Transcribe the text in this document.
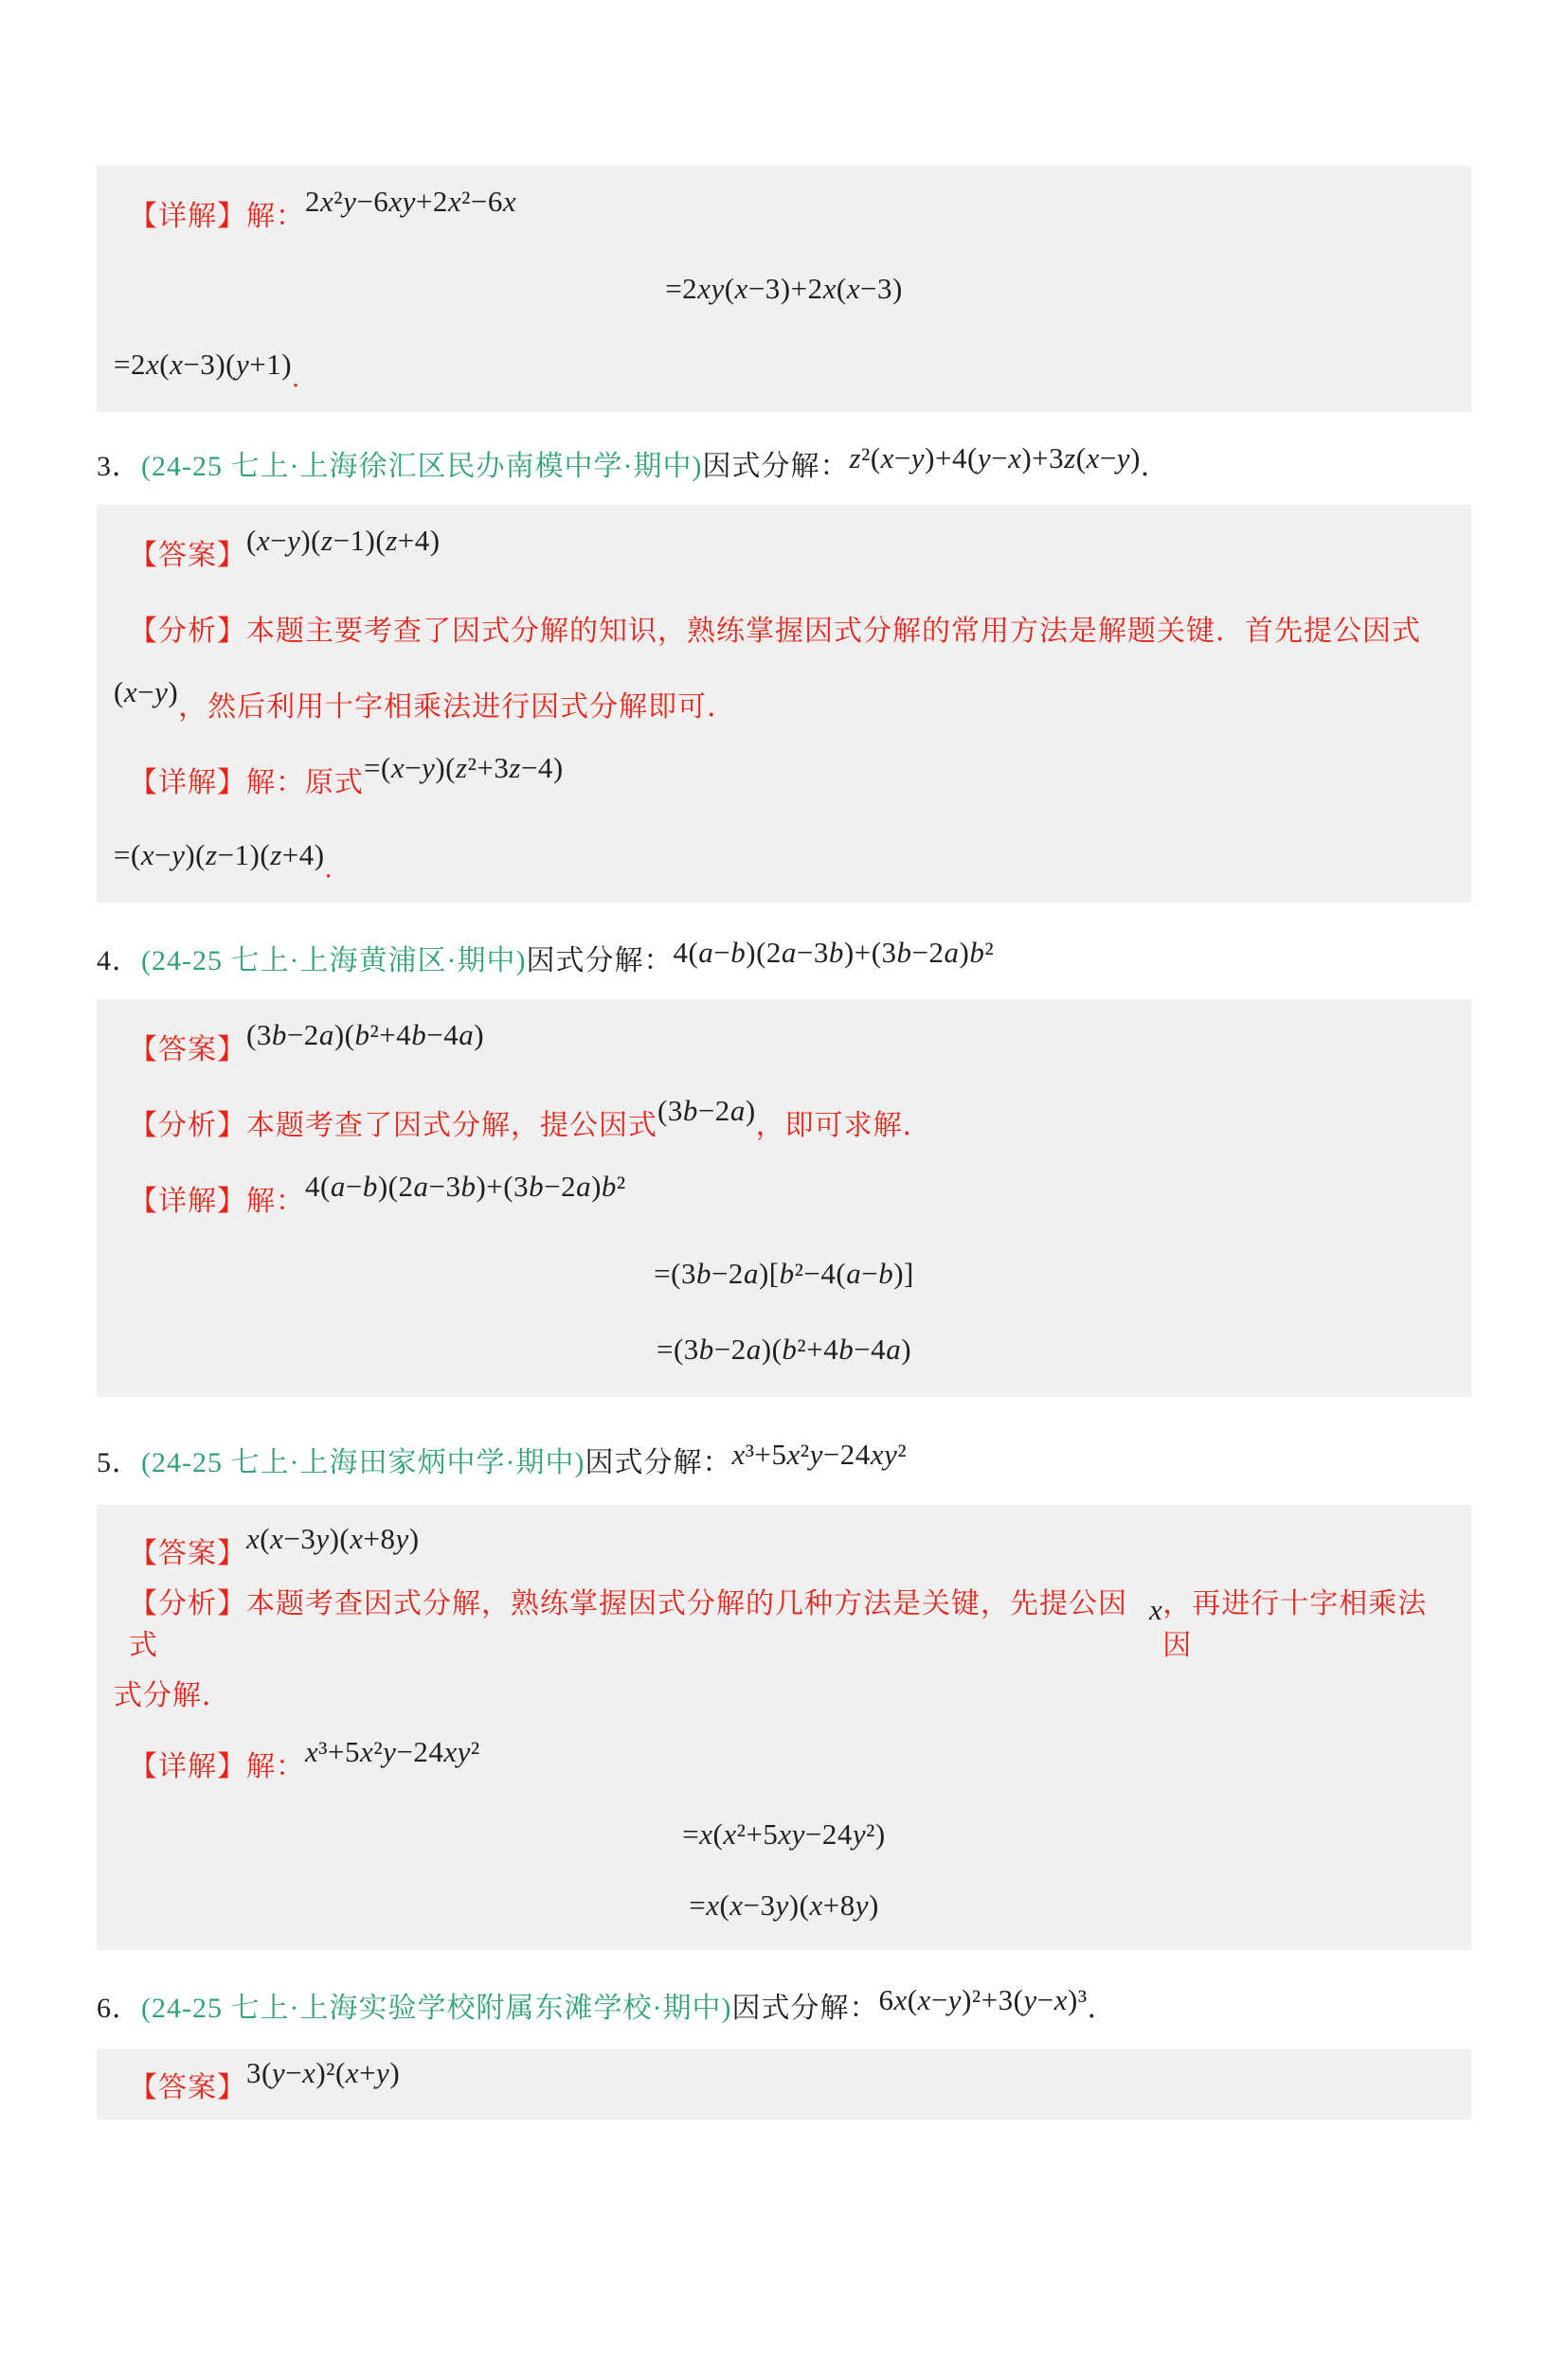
【详解】解： 2x²y−6xy+2x²−6x
=2xy(x−3)+2x(x−3)
=2x(x−3)(y+1) ．
3． (24-25 七上·上海徐汇区民办南模中学·期中) 因式分解： z²(x−y)+4(y−x)+3z(x−y) ．
【答案】 (x−y)(z−1)(z+4)
【分析】本题主要考查了因式分解的知识，熟练掌握因式分解的常用方法是解题关键．首先提公因式
(x−y) ，然后利用十字相乘法进行因式分解即可．
【详解】解：原式 =(x−y)(z²+3z−4)
=(x−y)(z−1)(z+4) ．
4． (24-25 七上·上海黄浦区·期中) 因式分解： 4(a−b)(2a−3b)+(3b−2a)b²
【答案】 (3b−2a)(b²+4b−4a)
【分析】本题考查了因式分解，提公因式 (3b−2a) ，即可求解．
【详解】解： 4(a−b)(2a−3b)+(3b−2a)b²
=(3b−2a)[b²−4(a−b)]
=(3b−2a)(b²+4b−4a)
5． (24-25 七上·上海田家炳中学·期中) 因式分解： x³+5x²y−24xy²
【答案】 x(x−3y)(x+8y)
【分析】本题考查因式分解，熟练掌握因式分解的几种方法是关键，先提公因式
x ，再进行十字相乘法因
式分解．
【详解】解： x³+5x²y−24xy²
=x(x²+5xy−24y²)
=x(x−3y)(x+8y)
6． (24-25 七上·上海实验学校附属东滩学校·期中) 因式分解： 6x(x−y)²+3(y−x)³ ．
【答案】 3(y−x)²(x+y)
